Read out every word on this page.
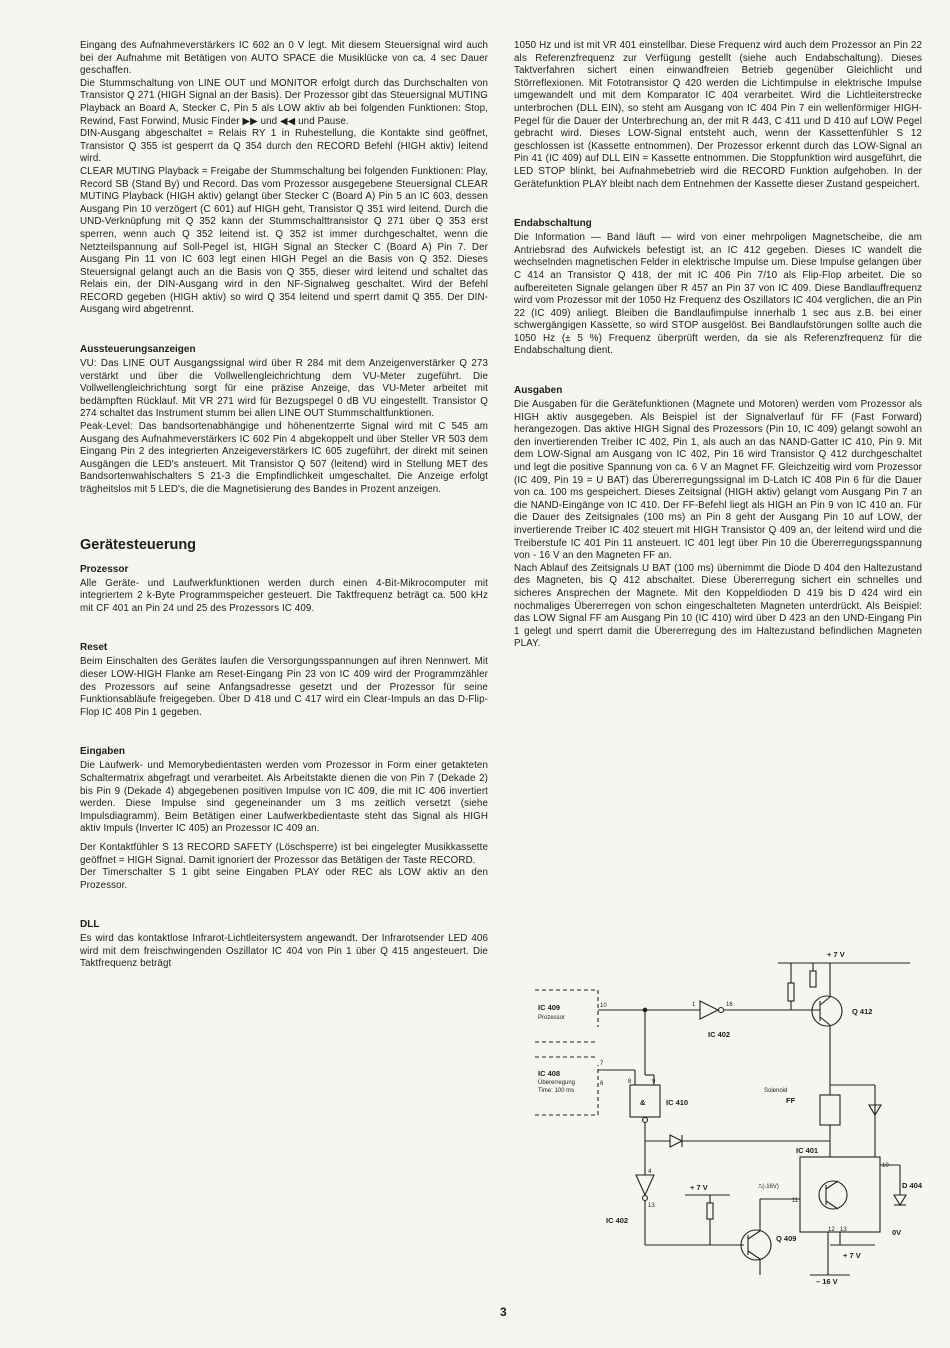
Eingang des Aufnahmeverstärkers IC 602 an 0 V legt. Mit diesem Steuersignal wird auch bei der Aufnahme mit Betätigen von AUTO SPACE die Musiklücke von ca. 4 sec Dauer geschaffen.

Die Stummschaltung von LINE OUT und MONITOR erfolgt durch das Durchschalten von Transistor Q 271 (HIGH Signal an der Basis). Der Prozessor gibt das Steuersignal MUTING Playback an Board A, Stecker C, Pin 5 als LOW aktiv ab bei folgenden Funktionen: Stop, Rewind, Fast Forwind, Music Finder ▶▶ und ◀◀ und Pause.

DIN-Ausgang abgeschaltet = Relais RY 1 in Ruhestellung, die Kontakte sind geöffnet, Transistor Q 355 ist gesperrt da Q 354 durch den RECORD Befehl (HIGH aktiv) leitend wird.

CLEAR MUTING Playback = Freigabe der Stummschaltung bei folgenden Funktionen: Play, Record SB (Stand By) und Record. Das vom Prozessor ausgegebene Steuersignal CLEAR MUTING Playback (HIGH aktiv) gelangt über Stecker C (Board A) Pin 5 an IC 603, dessen Ausgang Pin 10 verzögert (C 601) auf HIGH geht, Transistor Q 351 wird leitend. Durch die UND-Verknüpfung mit Q 352 kann der Stummschalttransistor Q 271 über Q 353 erst sperren, wenn auch Q 352 leitend ist. Q 352 ist immer durchgeschaltet, wenn die Netzteilspannung auf Soll-Pegel ist, HIGH Signal an Stecker C (Board A) Pin 7. Der Ausgang Pin 11 von IC 603 legt einen HIGH Pegel an die Basis von Q 352. Dieses Steuersignal gelangt auch an die Basis von Q 355, dieser wird leitend und schaltet das Relais ein, der DIN-Ausgang wird in den NF-Signalweg geschaltet. Wird der Befehl RECORD gegeben (HIGH aktiv) so wird Q 354 leitend und sperrt damit Q 355. Der DIN-Ausgang wird abgetrennt.

Aussteuerungsanzeigen

VU: Das LINE OUT Ausgangssignal wird über R 284 mit dem Anzeigenverstärker Q 273 verstärkt und über die Vollwellengleichrichtung dem VU-Meter zugeführt. Die Vollwellengleichrichtung sorgt für eine präzise Anzeige, das VU-Meter arbeitet mit bedämpften Rücklauf. Mit VR 271 wird für Bezugspegel 0 dB VU eingestellt. Transistor Q 274 schaltet das Instrument stumm bei allen LINE OUT Stummschaltfunktionen.

Peak-Level: Das bandsortenabhängige und höhenentzerrte Signal wird mit C 545 am Ausgang des Aufnahmeverstärkers IC 602 Pin 4 abgekoppelt und über Steller VR 503 dem Eingang Pin 2 des integrierten Anzeigeverstärkers IC 605 zugeführt, der direkt mit seinen Ausgängen die LED's ansteuert. Mit Transistor Q 507 (leitend) wird in Stellung MET des Bandsortenwahlschalters S 21-3 die Empfindlichkeit umgeschaltet. Die Anzeige erfolgt trägheitslos mit 5 LED's, die die Magnetisierung des Bandes in Prozent anzeigen.

Gerätesteuerung
Prozessor

Alle Geräte- und Laufwerkfunktionen werden durch einen 4-Bit-Mikrocomputer mit integriertem 2 k-Byte Programmspeicher gesteuert. Die Taktfrequenz beträgt ca. 500 kHz mit CF 401 an Pin 24 und 25 des Prozessors IC 409.

Reset

Beim Einschalten des Gerätes laufen die Versorgungsspannungen auf ihren Nennwert. Mit dieser LOW-HIGH Flanke am Reset-Eingang Pin 23 von IC 409 wird der Programmzähler des Prozessors auf seine Anfangsadresse gesetzt und der Prozessor für seine Funktionsabläufe freigegeben. Über D 418 und C 417 wird ein Clear-Impuls an das D-Flip-Flop IC 408 Pin 1 gegeben.

Eingaben

Die Laufwerk- und Memorybedientasten werden vom Prozessor in Form einer getakteten Schaltermatrix abgefragt und verarbeitet. Als Arbeitstakte dienen die von Pin 7 (Dekade 2) bis Pin 9 (Dekade 4) abgegebenen positiven Impulse von IC 409, die mit IC 406 invertiert werden. Diese Impulse sind gegeneinander um 3 ms zeitlich versetzt (siehe Impulsdiagramm). Beim Betätigen einer Laufwerkbedientaste steht das Signal als HIGH aktiv Impuls (Inverter IC 405) an Prozessor IC 409 an.

Der Kontaktfühler S 13 RECORD SAFETY (Löschsperre) ist bei eingelegter Musikkassette geöffnet = HIGH Signal. Damit ignoriert der Prozessor das Betätigen der Taste RECORD.

Der Timerschalter S 1 gibt seine Eingaben PLAY oder REC als LOW aktiv an den Prozessor.

DLL

Es wird das kontaktlose Infrarot-Lichtleitersystem angewandt. Der Infrarotsender LED 406 wird mit dem freischwingenden Oszillator IC 404 von Pin 1 über Q 415 angesteuert. Die Taktfrequenz beträgt

1050 Hz und ist mit VR 401 einstellbar. Diese Frequenz wird auch dem Prozessor an Pin 22 als Referenzfrequenz zur Verfügung gestellt (siehe auch Endabschaltung). Dieses Taktverfahren sichert einen einwandfreien Betrieb gegenüber Gleichlicht und Störreflexionen. Mit Fototransistor Q 420 werden die Lichtimpulse in elektrische Impulse umgewandelt und mit dem Komparator IC 404 verarbeitet. Wird die Lichtleiterstrecke unterbrochen (DLL EIN), so steht am Ausgang von IC 404 Pin 7 ein wellenförmiger HIGH-Pegel für die Dauer der Unterbrechung an, der mit R 443, C 411 und D 410 auf LOW Pegel gebracht wird. Dieses LOW-Signal entsteht auch, wenn der Kassettenfühler S 12 geschlossen ist (Kassette entnommen). Der Prozessor erkennt durch das LOW-Signal an Pin 41 (IC 409) auf DLL EIN = Kassette entnommen. Die Stoppfunktion wird ausgeführt, die LED STOP blinkt, bei Aufnahmebetrieb wird die RECORD Funktion aufgehoben. In der Gerätefunktion PLAY bleibt nach dem Entnehmen der Kassette dieser Zustand gespeichert.

Endabschaltung

Die Information — Band läuft — wird von einer mehrpoligen Magnetscheibe, die am Antriebsrad des Aufwickels befestigt ist, an IC 412 gegeben. Dieses IC wandelt die wechselnden magnetischen Felder in elektrische Impulse um. Diese Impulse gelangen über C 414 an Transistor Q 418, der mit IC 406 Pin 7/10 als Flip-Flop arbeitet. Die so aufbereiteten Signale gelangen über R 457 an Pin 37 von IC 409. Diese Bandlauffrequenz wird vom Prozessor mit der 1050 Hz Frequenz des Oszillators IC 404 verglichen, die an Pin 22 (IC 409) anliegt. Bleiben die Bandlaufimpulse innerhalb 1 sec aus z.B. bei einer schwergängigen Kassette, so wird STOP ausgelöst. Bei Bandlaufstörungen sollte auch die 1050 Hz (± 5 %) Frequenz überprüft werden, da sie als Referenzfrequenz für die Endabschaltung dient.

Ausgaben

Die Ausgaben für die Gerätefunktionen (Magnete und Motoren) werden vom Prozessor als HIGH aktiv ausgegeben. Als Beispiel ist der Signalverlauf für FF (Fast Forward) herangezogen. Das aktive HIGH Signal des Prozessors (Pin 10, IC 409) gelangt sowohl an den invertierenden Treiber IC 402, Pin 1, als auch an das NAND-Gatter IC 410, Pin 9. Mit dem LOW-Signal am Ausgang von IC 402, Pin 16 wird Transistor Q 412 durchgeschaltet und legt die positive Spannung von ca. 6 V an Magnet FF. Gleichzeitig wird vom Prozessor (IC 409, Pin 19 = U BAT) das Übererregungssignal im D-Latch IC 408 Pin 6 für die Dauer von ca. 100 ms gespeichert. Dieses Zeitsignal (HIGH aktiv) gelangt vom Ausgang Pin 7 an die NAND-Eingänge von IC 410. Der FF-Befehl liegt als HIGH an Pin 9 von IC 410 an. Für die Dauer des Zeitsignales (100 ms) an Pin 8 geht der Ausgang Pin 10 auf LOW, der invertierende Treiber IC 402 steuert mit HIGH Transistor Q 409 an, der leitend wird und die Treiberstufe IC 401 Pin 11 ansteuert. IC 401 legt über Pin 10 die Übererregungsspannung von - 16 V an den Magneten FF an.

Nach Ablauf des Zeitsignals U BAT (100 ms) übernimmt die Diode D 404 den Haltezustand des Magneten, bis Q 412 abschaltet. Diese Übererregung sichert ein schnelles und sicheres Ansprechen der Magnete. Mit den Koppeldioden D 419 bis D 424 wird ein nochmaliges Übererregen von schon eingeschalteten Magneten unterdrückt. Als Beispiel: das LOW Signal FF am Ausgang Pin 10 (IC 410) wird über D 423 an den UND-Eingang Pin 1 gelegt und sperrt damit die Übererregung des im Haltezustand befindlichen Magneten PLAY.

+ 7 V
IC 409
Prozessor
10	1	16
IC 402
Q 412
IC 408
Übererregung
Time: 100 ms
7
6
&	IC 410
8	9
Solenoid
FF
IC 401
11
10
12 13
D 404
0V
4
13
IC 402
+ 7 V
Q 409
⎍(-16V)
+ 7 V
– 16 V
3
